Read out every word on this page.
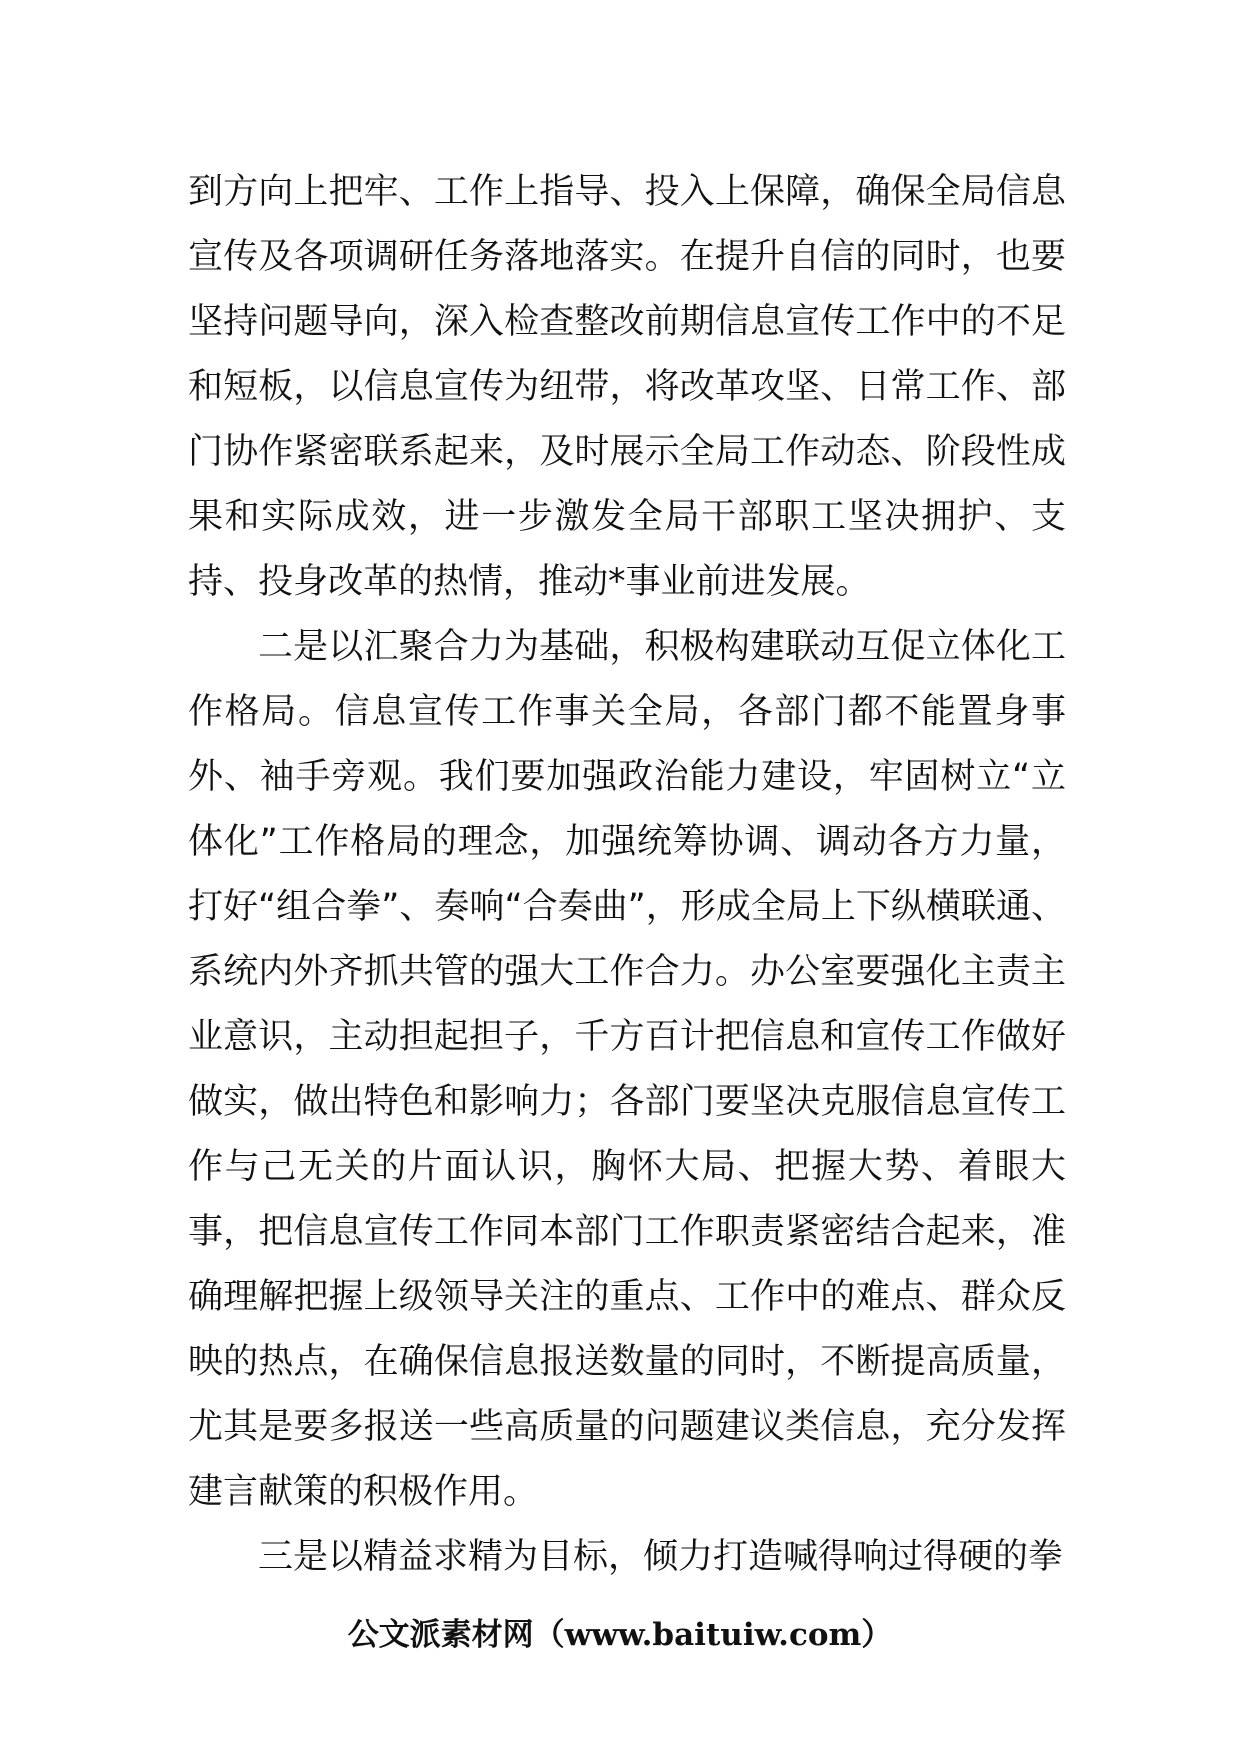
到方向上把牢、工作上指导、投入上保障，确保全局信息宣传及各项调研任务落地落实。在提升自信的同时，也要坚持问题导向，深入检查整改前期信息宣传工作中的不足和短板，以信息宣传为纽带，将改革攻坚、日常工作、部门协作紧密联系起来，及时展示全局工作动态、阶段性成果和实际成效，进一步激发全局干部职工坚决拥护、支持、投身改革的热情，推动*事业前进发展。

二是以汇聚合力为基础，积极构建联动互促立体化工作格局。信息宣传工作事关全局，各部门都不能置身事外、袖手旁观。我们要加强政治能力建设，牢固树立“立体化”工作格局的理念，加强统筹协调、调动各方力量，打好“组合拳”、奏响“合奏曲”，形成全局上下纵横联通、系统内外齐抓共管的强大工作合力。办公室要强化主责主业意识，主动担起担子，千方百计把信息和宣传工作做好做实，做出特色和影响力；各部门要坚决克服信息宣传工作与己无关的片面认识，胸怀大局、把握大势、着眼大事，把信息宣传工作同本部门工作职责紧密结合起来，准确理解把握上级领导关注的重点、工作中的难点、群众反映的热点，在确保信息报送数量的同时，不断提高质量，尤其是要多报送一些高质量的问题建议类信息，充分发挥建言献策的积极作用。

三是以精益求精为目标，倾力打造喊得响过得硬的拳

公文派素材网（www.baituiw.com）
